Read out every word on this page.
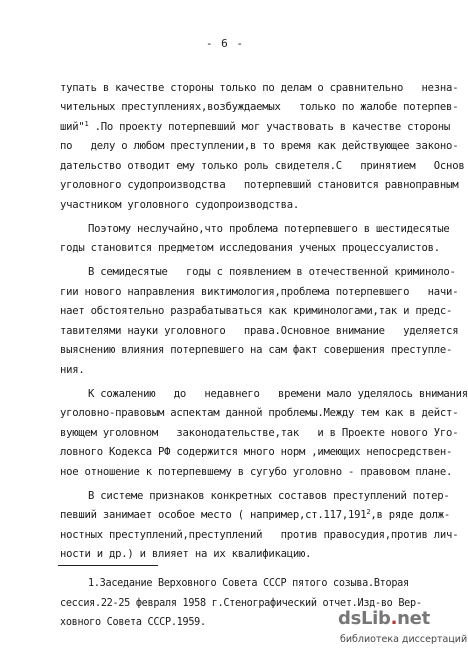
- 6 -
тупать в качестве стороны только по делам о сравнительно   незна-
чительных преступлениях,возбуждаемых   только по жалобе потерпев-
ший"$^1$ .По проекту потерпевший мог участвовать в качестве стороны
по   делу о любом преступлении,в то время как действующее законо-
дательство отводит ему только роль свидетеля.С   принятием   Основ
уголовного судопроизводства   потерпевший становится равноправным
участником уголовного судопроизводства.
Поэтому неслучайно,что проблема потерпевшего в шестидесятые
годы становится предметом исследования ученых процессуалистов.
В семидесятые   годы с появлением в отечественной криминоло-
гии нового направления виктимология,проблема потерпевшего   начи-
нает обстоятельно разрабатываться как криминологами,так и предс-
тавителями науки уголовного   права.Основное внимание   уделяется
выяснению влияния потерпевшего на сам факт совершения преступле-
ния.
К сожалению   до   недавнего   времени мало уделялось внимания
уголовно-правовым аспектам данной проблемы.Между тем как в дейст-
вующем уголовном   законодательстве,так   и в Проекте нового Уго-
ловного Кодекса РФ содержится много норм ,имеющих непосредствен-
ное отношение к потерпевшему в сугубо уголовно - правовом плане.
В системе признаков конкретных составов преступлений потер-
певший занимает особое место ( например,ст.117,191$^2$,в ряде долж-
ностных преступлений,преступлений   против правосудия,против лич-
ности и др.) и влияет на их квалификацию.
1.Заседание Верховного Совета СССР пятого созыва.Вторая
сессия.22-25 февраля 1958 г.Стенографический отчет.Изд-во Вер-
ховного Совета СССР.1959.	dsLib.net
библиотека диссертаций
